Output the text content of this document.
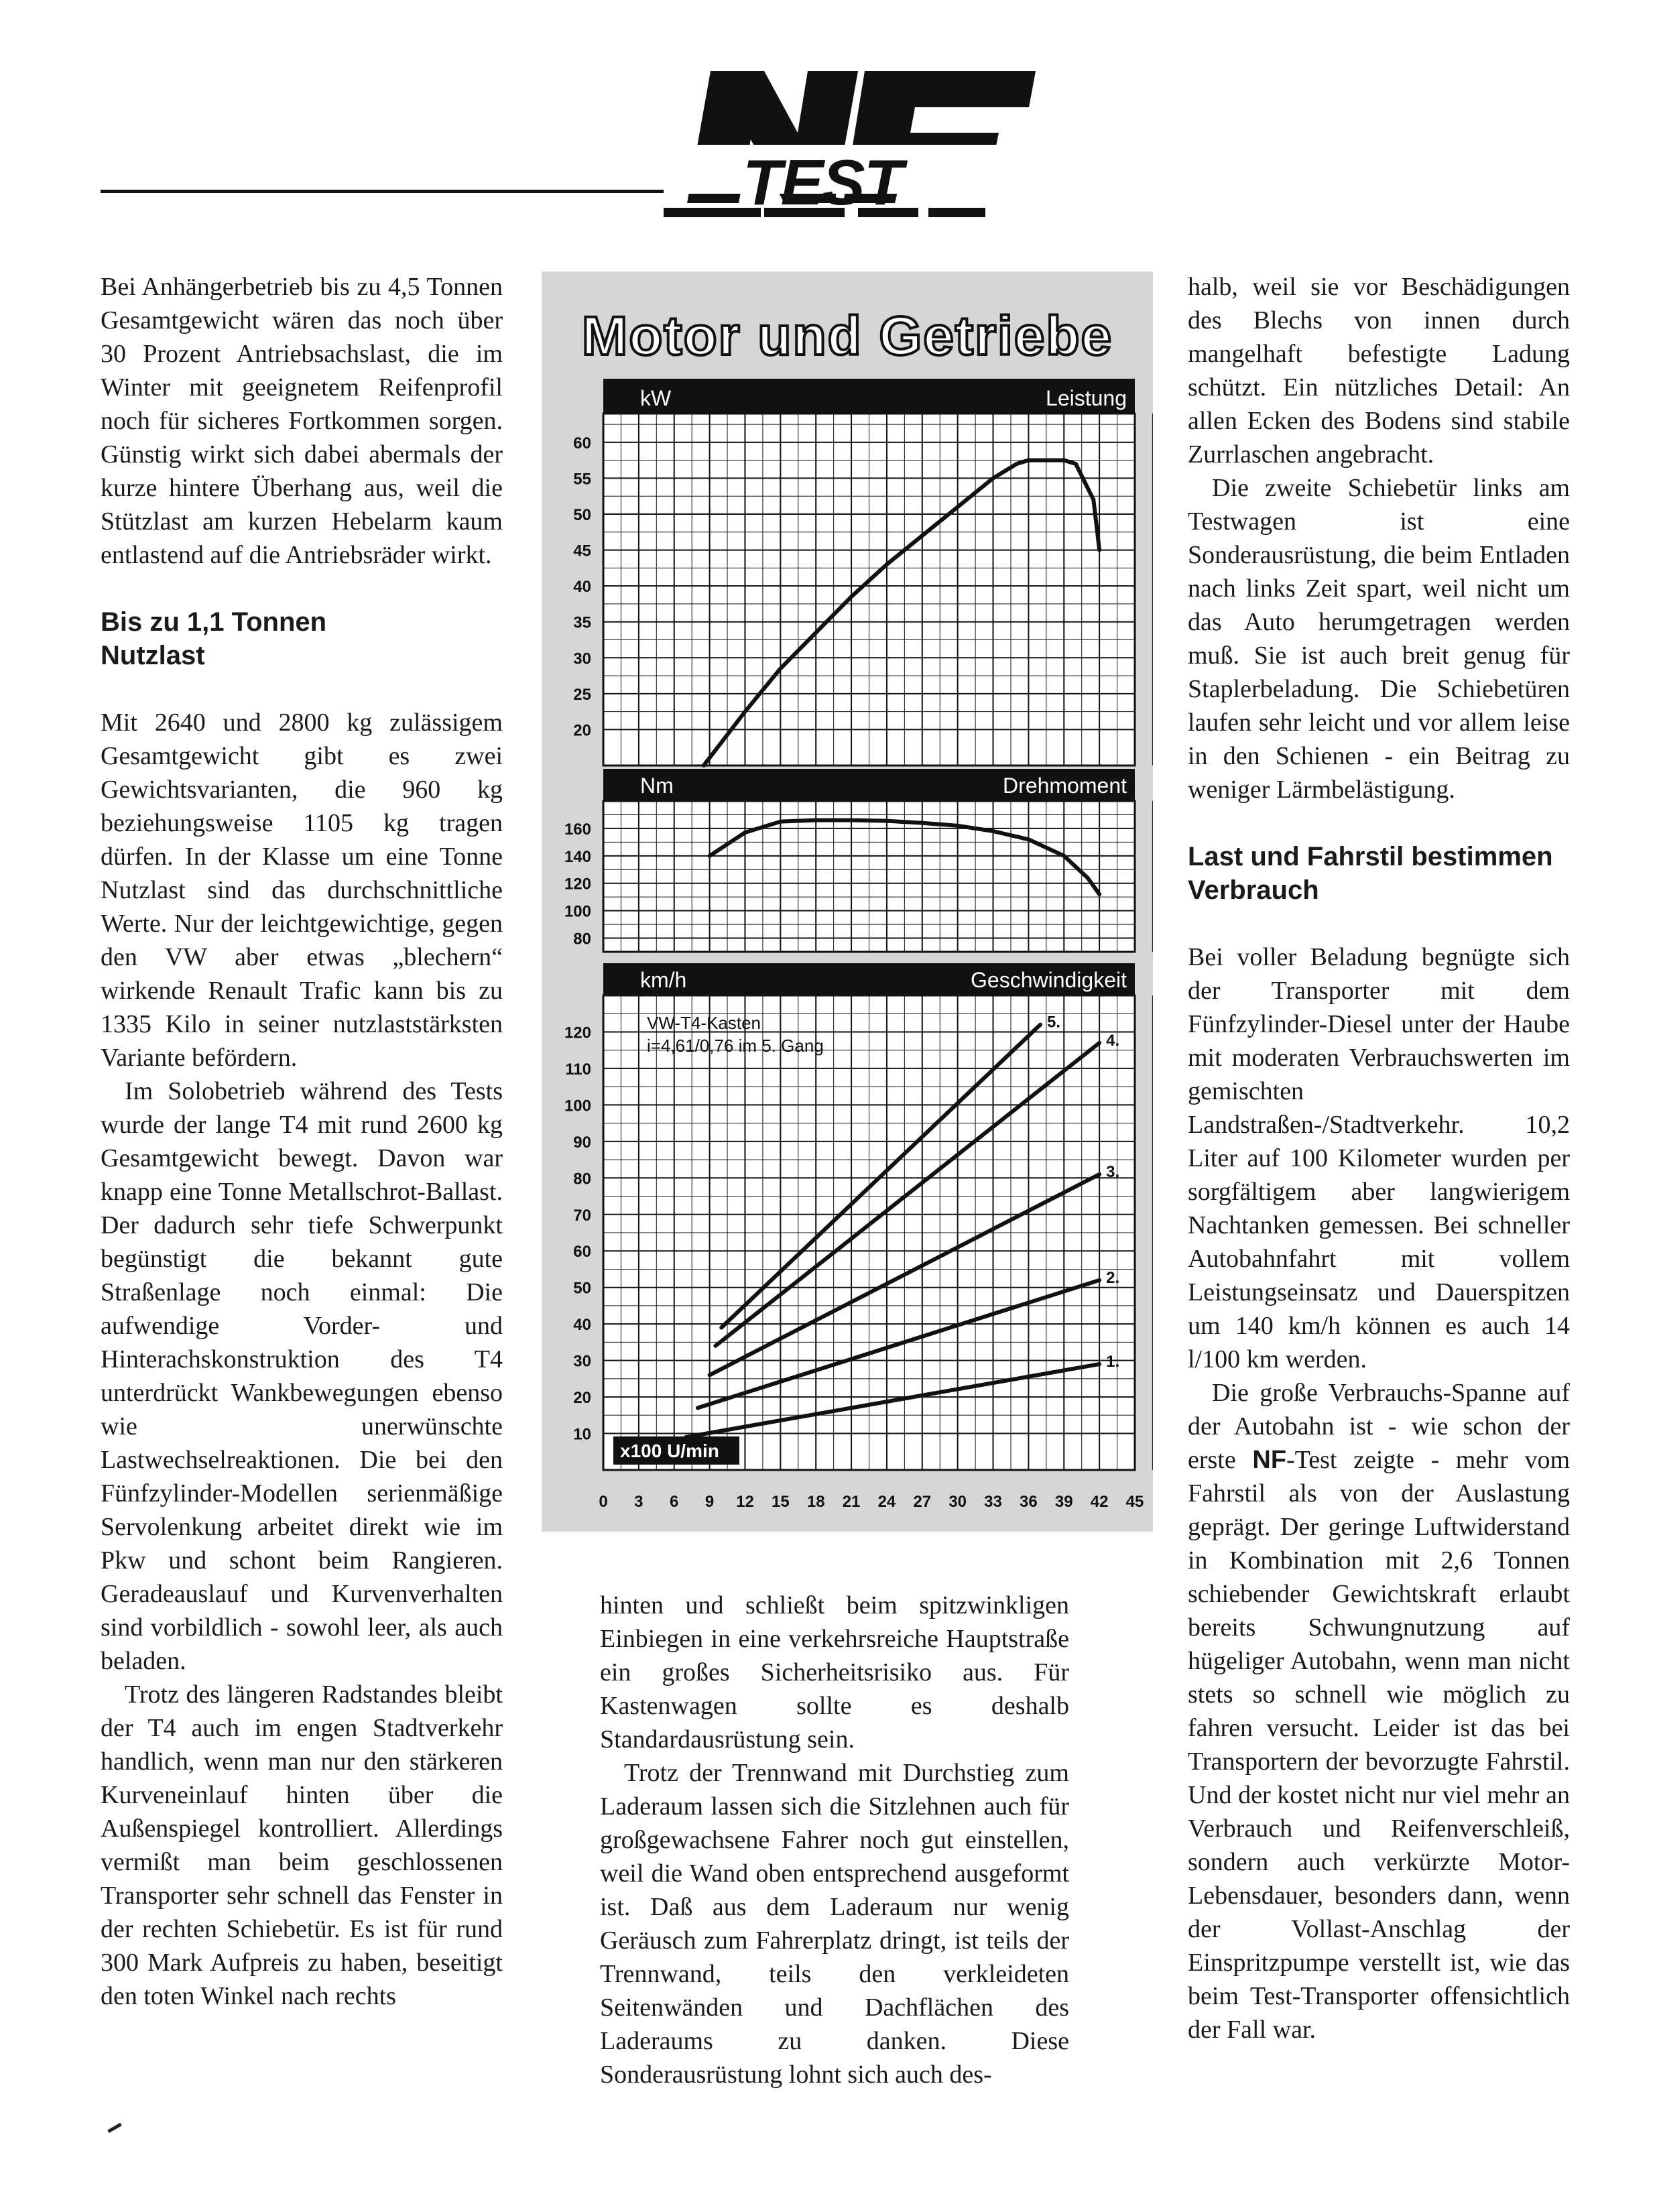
TEST

Bei Anhängerbetrieb bis zu 4,5 Tonnen Gesamtgewicht wären das noch über 30 Prozent Antriebsachslast, die im Winter mit geeignetem Reifenprofil noch für sicheres Fortkommen sorgen. Günstig wirkt sich dabei abermals der kurze hintere Überhang aus, weil die Stützlast am kurzen Hebelarm kaum entlastend auf die Antriebsräder wirkt.

Bis zu 1,1 Tonnen Nutzlast

Mit 2640 und 2800 kg zulässigem Gesamtgewicht gibt es zwei Gewichtsvarianten, die 960 kg beziehungsweise 1105 kg tragen dürfen. In der Klasse um eine Tonne Nutzlast sind das durchschnittliche Werte. Nur der leichtgewichtige, gegen den VW aber etwas „blechern“ wirkende Renault Trafic kann bis zu 1335 Kilo in seiner nutzlaststärksten Variante befördern.

Im Solobetrieb während des Tests wurde der lange T4 mit rund 2600 kg Gesamtgewicht bewegt. Davon war knapp eine Tonne Metallschrot-Ballast. Der dadurch sehr tiefe Schwerpunkt begünstigt die bekannt gute Straßenlage noch einmal: Die aufwendige Vorder- und Hinterachskonstruktion des T4 unterdrückt Wankbewegungen ebenso wie unerwünschte Lastwechselreaktionen. Die bei den Fünfzylinder-Modellen serienmäßige Servolenkung arbeitet direkt wie im Pkw und schont beim Rangieren. Geradeauslauf und Kurvenverhalten sind vorbildlich - sowohl leer, als auch beladen.

Trotz des längeren Radstandes bleibt der T4 auch im engen Stadtverkehr handlich, wenn man nur den stärkeren Kurveneinlauf hinten über die Außenspiegel kontrolliert. Allerdings vermißt man beim geschlossenen Transporter sehr schnell das Fenster in der rechten Schiebetür. Es ist für rund 300 Mark Aufpreis zu haben, beseitigt den toten Winkel nach rechts

Motor und Getriebe
kW	Leistung
20
25
30
35
40
45
50
55
60
Nm	Drehmoment
80
100
120
140
160
km/h	Geschwindigkeit
10
20
30
40
50
60
70
80
90
100
110
120
1.
2.
3.
4.
5.
VW-T4-Kasten
i=4,61/0,76 im 5. Gang
x100 U/min
0 3 6 9 12 15 18 21 24 27 30 33 36 39 42 45

hinten und schließt beim spitzwinkligen Einbiegen in eine verkehrsreiche Hauptstraße ein großes Sicherheitsrisiko aus. Für Kastenwagen sollte es deshalb Standardausrüstung sein.

Trotz der Trennwand mit Durchstieg zum Laderaum lassen sich die Sitzlehnen auch für großgewachsene Fahrer noch gut einstellen, weil die Wand oben entsprechend ausgeformt ist. Daß aus dem Laderaum nur wenig Geräusch zum Fahrerplatz dringt, ist teils der Trennwand, teils den verkleideten Seitenwänden und Dachflächen des Laderaums zu danken. Diese Sonderausrüstung lohnt sich auch des-

halb, weil sie vor Beschädigungen des Blechs von innen durch mangelhaft befestigte Ladung schützt. Ein nützliches Detail: An allen Ecken des Bodens sind stabile Zurrlaschen angebracht.

Die zweite Schiebetür links am Testwagen ist eine Sonderausrüstung, die beim Entladen nach links Zeit spart, weil nicht um das Auto herumgetragen werden muß. Sie ist auch breit genug für Staplerbeladung. Die Schiebetüren laufen sehr leicht und vor allem leise in den Schienen - ein Beitrag zu weniger Lärmbelästigung.

Last und Fahrstil bestimmen Verbrauch

Bei voller Beladung begnügte sich der Transporter mit dem Fünfzylinder-Diesel unter der Haube mit moderaten Verbrauchswerten im gemischten Landstraßen-/Stadtverkehr. 10,2 Liter auf 100 Kilometer wurden per sorgfältigem aber langwierigem Nachtanken gemessen. Bei schneller Autobahnfahrt mit vollem Leistungseinsatz und Dauerspitzen um 140 km/h können es auch 14 l/100 km werden.

Die große Verbrauchs-Spanne auf der Autobahn ist - wie schon der erste NF-Test zeigte - mehr vom Fahrstil als von der Auslastung geprägt. Der geringe Luftwiderstand in Kombination mit 2,6 Tonnen schiebender Gewichtskraft erlaubt bereits Schwungnutzung auf hügeliger Autobahn, wenn man nicht stets so schnell wie möglich zu fahren versucht. Leider ist das bei Transportern der bevorzugte Fahrstil. Und der kostet nicht nur viel mehr an Verbrauch und Reifenverschleiß, sondern auch verkürzte Motor-Lebensdauer, besonders dann, wenn der Vollast-Anschlag der Einspritzpumpe verstellt ist, wie das beim Test-Transporter offensichtlich der Fall war.
